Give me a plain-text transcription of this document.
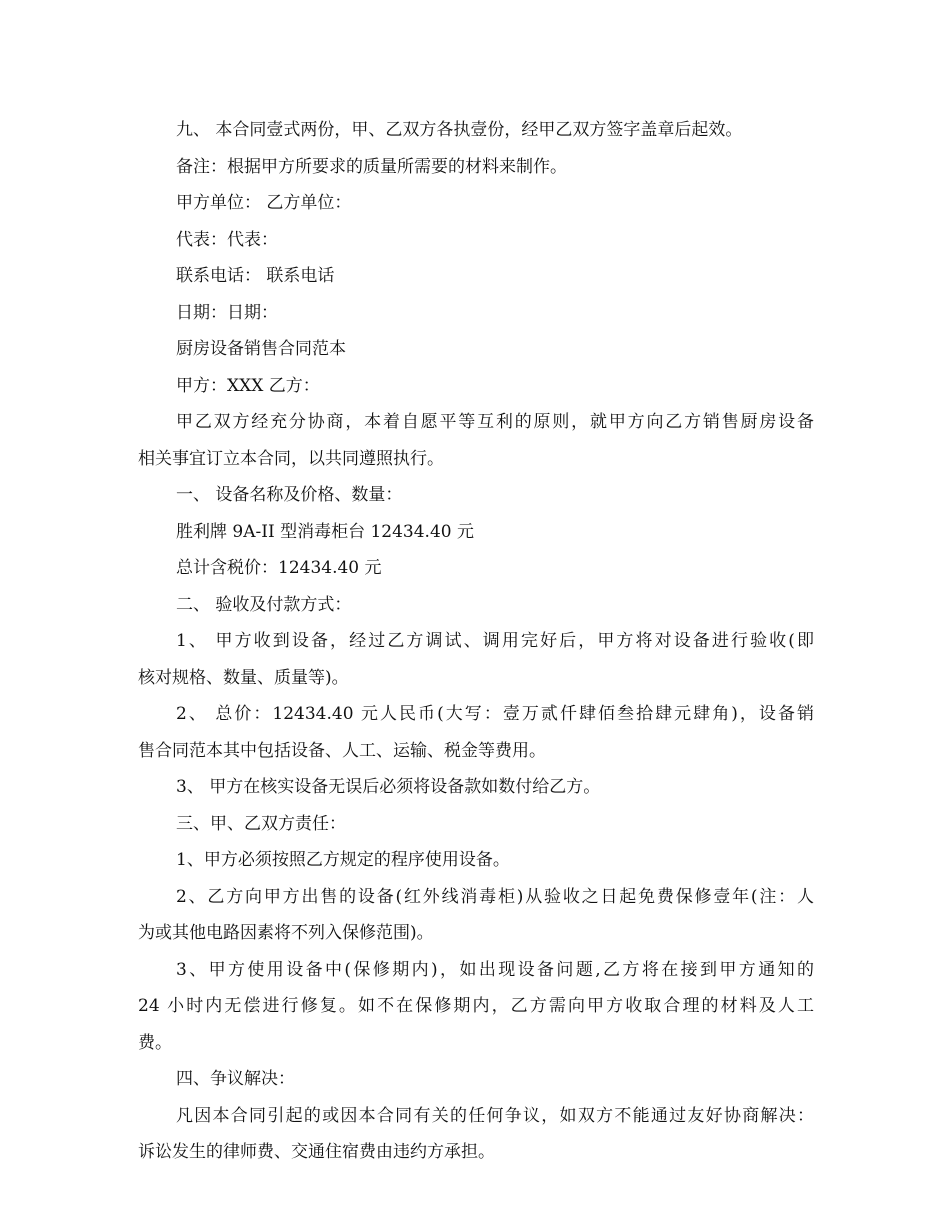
九、 本合同壹式两份，甲、乙双方各执壹份，经甲乙双方签字盖章后起效。
备注：根据甲方所要求的质量所需要的材料来制作。
甲方单位： 乙方单位：
代表：代表：
联系电话： 联系电话
日期：日期：
厨房设备销售合同范本
甲方：XXX 乙方：
甲乙双方经充分协商，本着自愿平等互利的原则，就甲方向乙方销售厨房设备
相关事宜订立本合同，以共同遵照执行。
一、 设备名称及价格、数量：
胜利牌 9A-II 型消毒柜台 12434.40 元
总计含税价：12434.40 元
二、 验收及付款方式：
1、 甲方收到设备，经过乙方调试、调用完好后，甲方将对设备进行验收(即
核对规格、数量、质量等)。
2、 总价：12434.40 元人民币(大写：壹万贰仟肆佰叁拾肆元肆角)，设备销
售合同范本其中包括设备、人工、运输、税金等费用。
3、 甲方在核实设备无误后必须将设备款如数付给乙方。
三、甲、乙双方责任：
1、甲方必须按照乙方规定的程序使用设备。
2、乙方向甲方出售的设备(红外线消毒柜)从验收之日起免费保修壹年(注：人
为或其他电路因素将不列入保修范围)。
3、甲方使用设备中(保修期内)，如出现设备问题,乙方将在接到甲方通知的
24 小时内无偿进行修复。如不在保修期内，乙方需向甲方收取合理的材料及人工
费。
四、争议解决：
凡因本合同引起的或因本合同有关的任何争议，如双方不能通过友好协商解决：
诉讼发生的律师费、交通住宿费由违约方承担。
